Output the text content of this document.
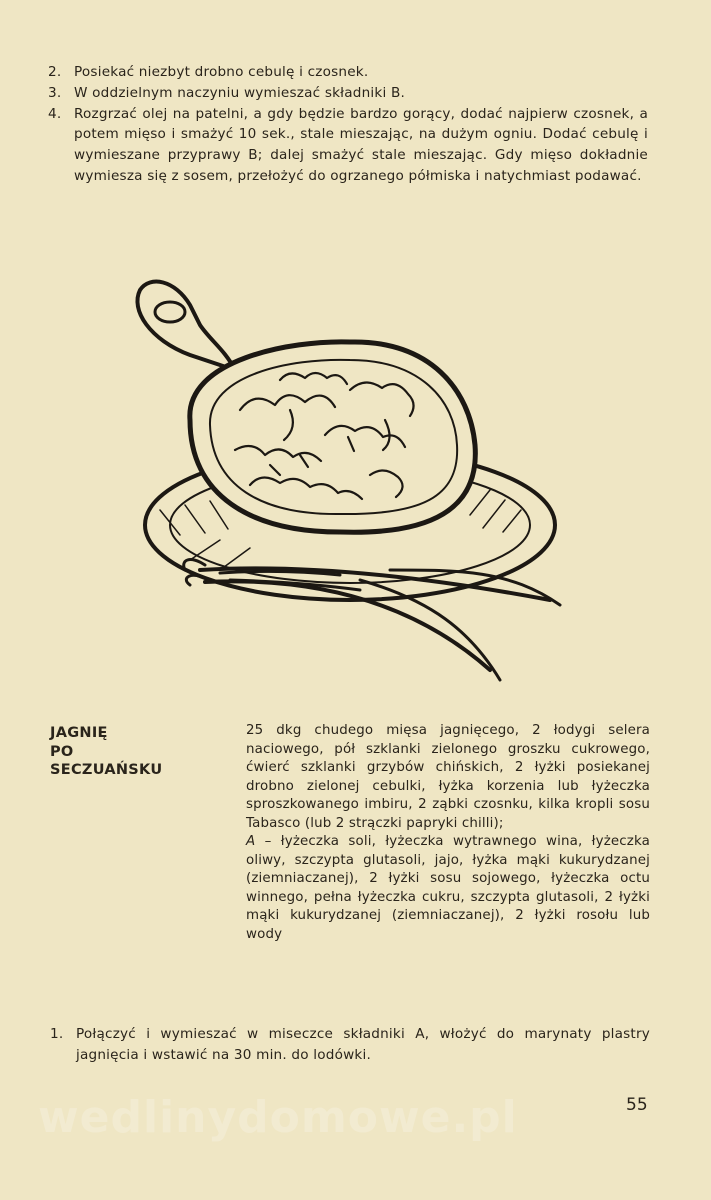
2. Posiekać niezbyt drobno cebulę i czosnek.
3. W oddzielnym naczyniu wymieszać składniki B.
4. Rozgrzać olej na patelni, a gdy będzie bardzo gorący, dodać najpierw czosnek, a potem mięso i smażyć 10 sek., stale mieszając, na dużym ogniu. Dodać cebulę i wymieszane przyprawy B; dalej smażyć stale mieszając. Gdy mięso dokładnie wymiesza się z sosem, przełożyć do ogrzanego półmiska i natychmiast podawać.
JAGNIĘ
PO
SECZUAŃSKU

25 dkg chudego mięsa jagnięcego, 2 łodygi selera naciowego, pół szklanki zielonego groszku cukrowego, ćwierć szklanki grzybów chińskich, 2 łyżki posiekanej drobno zielonej cebulki, łyżka korzenia lub łyżeczka sproszkowanego imbiru, 2 ząbki czosnku, kilka kropli sosu Tabasco (lub 2 strączki papryki chilli);

A – łyżeczka soli, łyżeczka wytrawnego wina, łyżeczka oliwy, szczypta glutasoli, jajo, łyżka mąki kukurydzanej (ziemniaczanej), 2 łyżki sosu sojowego, łyżeczka octu winnego, pełna łyżeczka cukru, szczypta glutasoli, 2 łyżki mąki kukurydzanej (ziemniaczanej), 2 łyżki rosołu lub wody

1. Połączyć i wymieszać w miseczce składniki A, włożyć do marynaty plastry jagnięcia i wstawić na 30 min. do lodówki.
wedlinydomowe.pl	55
